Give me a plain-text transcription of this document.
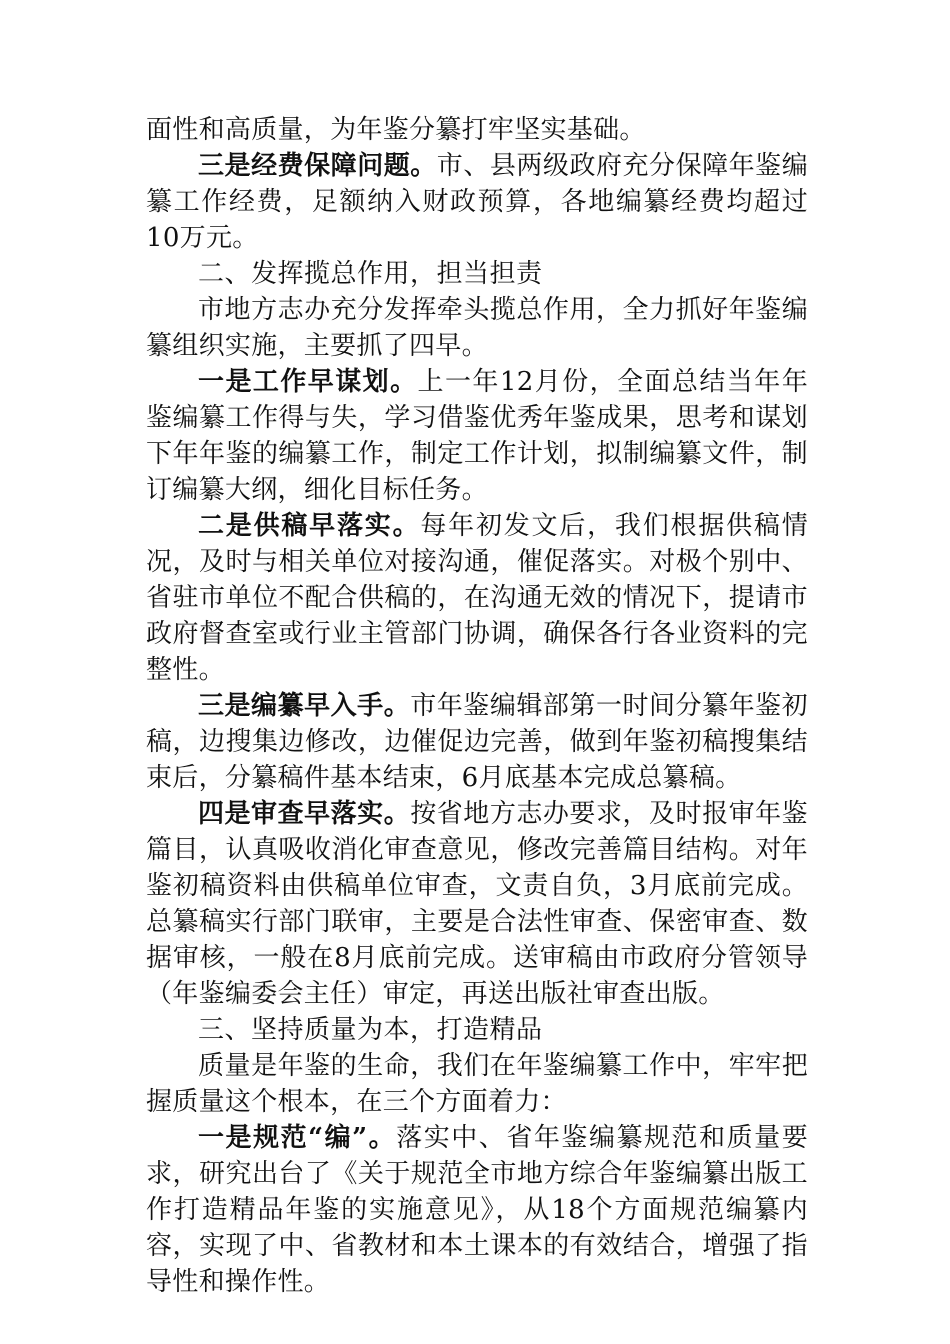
面性和高质量，为年鉴分纂打牢坚实基础。

三是经费保障问题。市、县两级政府充分保障年鉴编纂工作经费，足额纳入财政预算，各地编纂经费均超过10万元。

二、发挥揽总作用，担当担责

市地方志办充分发挥牵头揽总作用，全力抓好年鉴编纂组织实施，主要抓了四早。

一是工作早谋划。上一年12月份，全面总结当年年鉴编纂工作得与失，学习借鉴优秀年鉴成果，思考和谋划下年年鉴的编纂工作，制定工作计划，拟制编纂文件，制订编纂大纲，细化目标任务。

二是供稿早落实。每年初发文后，我们根据供稿情况，及时与相关单位对接沟通，催促落实。对极个别中、省驻市单位不配合供稿的，在沟通无效的情况下，提请市政府督查室或行业主管部门协调，确保各行各业资料的完整性。

三是编纂早入手。市年鉴编辑部第一时间分纂年鉴初稿，边搜集边修改，边催促边完善，做到年鉴初稿搜集结束后，分纂稿件基本结束，6月底基本完成总纂稿。

四是审查早落实。按省地方志办要求，及时报审年鉴篇目，认真吸收消化审查意见，修改完善篇目结构。对年鉴初稿资料由供稿单位审查，文责自负，3月底前完成。总纂稿实行部门联审，主要是合法性审查、保密审查、数据审核，一般在8月底前完成。送审稿由市政府分管领导（年鉴编委会主任）审定，再送出版社审查出版。

三、坚持质量为本，打造精品

质量是年鉴的生命，我们在年鉴编纂工作中，牢牢把握质量这个根本，在三个方面着力：

一是规范“编”。落实中、省年鉴编纂规范和质量要求，研究出台了《关于规范全市地方综合年鉴编纂出版工作打造精品年鉴的实施意见》，从18个方面规范编纂内容，实现了中、省教材和本土课本的有效结合，增强了指导性和操作性。
